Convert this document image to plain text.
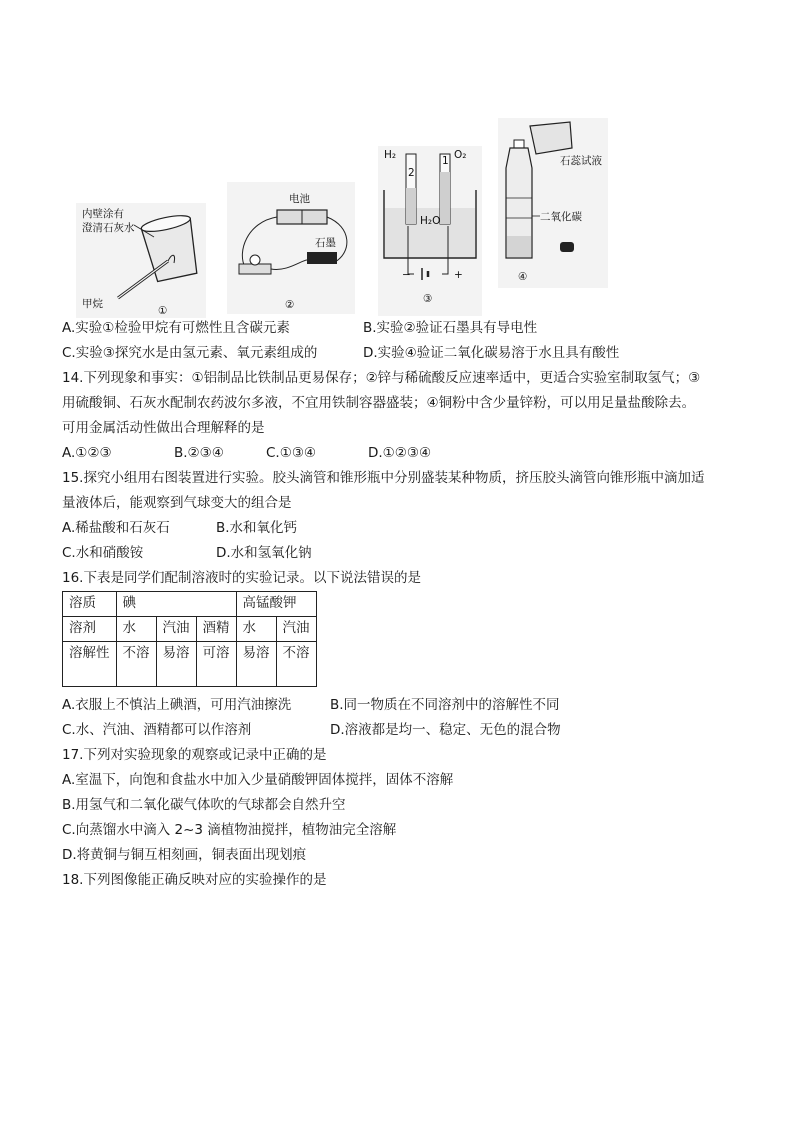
内壁涂有
澄清石灰水
甲烷
①
电池
石墨
②
H₂	O₂
2
1
H₂O
−	+
③
石蕊试液
二氧化碳
④
A.实验①检验甲烷有可燃性且含碳元素	B.实验②验证石墨具有导电性
C.实验③探究水是由氢元素、氧元素组成的	D.实验④验证二氧化碳易溶于水且具有酸性
14.下列现象和事实：①铝制品比铁制品更易保存；②锌与稀硫酸反应速率适中，更适合实验室制取氢气；③
用硫酸铜、石灰水配制农药波尔多液，不宜用铁制容器盛装；④铜粉中含少量锌粉，可以用足量盐酸除去。
可用金属活动性做出合理解释的是
A.①②③	B.②③④	C.①③④	D.①②③④
15.探究小组用右图装置进行实验。胶头滴管和锥形瓶中分别盛装某种物质，挤压胶头滴管向锥形瓶中滴加适
量液体后，能观察到气球变大的组合是
A.稀盐酸和石灰石	B.水和氧化钙
C.水和硝酸铵	D.水和氢氧化钠
16.下表是同学们配制溶液时的实验记录。以下说法错误的是
溶质	碘			高锰酸钾	
溶剂	水	汽油	酒精	水	汽油
溶解性	不溶	易溶	可溶	易溶	不溶
A.衣服上不慎沾上碘酒，可用汽油擦洗	B.同一物质在不同溶剂中的溶解性不同
C.水、汽油、酒精都可以作溶剂	D.溶液都是均一、稳定、无色的混合物
17.下列对实验现象的观察或记录中正确的是
A.室温下，向饱和食盐水中加入少量硝酸钾固体搅拌，固体不溶解
B.用氢气和二氧化碳气体吹的气球都会自然升空
C.向蒸馏水中滴入 2~3 滴植物油搅拌，植物油完全溶解
D.将黄铜与铜互相刻画，铜表面出现划痕
18.下列图像能正确反映对应的实验操作的是
